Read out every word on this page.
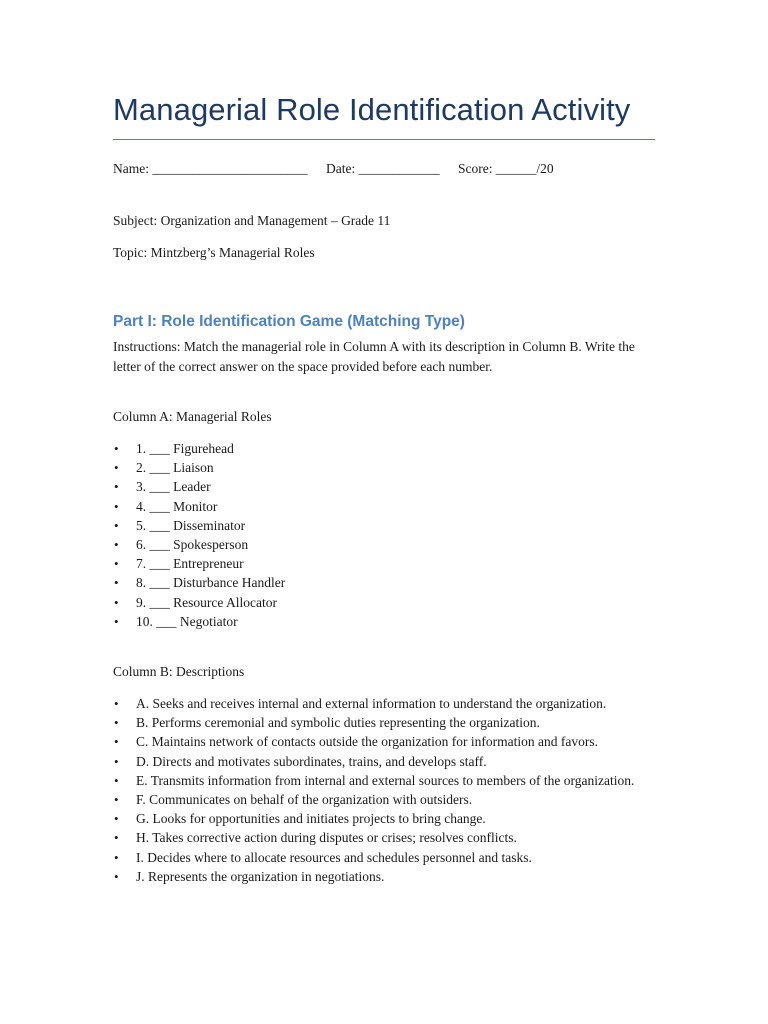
Managerial Role Identification Activity
Name: _______________________ Date: ____________ Score: ______/20
Subject: Organization and Management – Grade 11
Topic: Mintzberg’s Managerial Roles
Part I: Role Identification Game (Matching Type)
Instructions: Match the managerial role in Column A with its description in Column B. Write the letter of the correct answer on the space provided before each number.
Column A: Managerial Roles
• 1. ___ Figurehead
• 2. ___ Liaison
• 3. ___ Leader
• 4. ___ Monitor
• 5. ___ Disseminator
• 6. ___ Spokesperson
• 7. ___ Entrepreneur
• 8. ___ Disturbance Handler
• 9. ___ Resource Allocator
• 10. ___ Negotiator
Column B: Descriptions
• A. Seeks and receives internal and external information to understand the organization.
• B. Performs ceremonial and symbolic duties representing the organization.
• C. Maintains network of contacts outside the organization for information and favors.
• D. Directs and motivates subordinates, trains, and develops staff.
• E. Transmits information from internal and external sources to members of the organization.
• F. Communicates on behalf of the organization with outsiders.
• G. Looks for opportunities and initiates projects to bring change.
• H. Takes corrective action during disputes or crises; resolves conflicts.
• I. Decides where to allocate resources and schedules personnel and tasks.
• J. Represents the organization in negotiations.
